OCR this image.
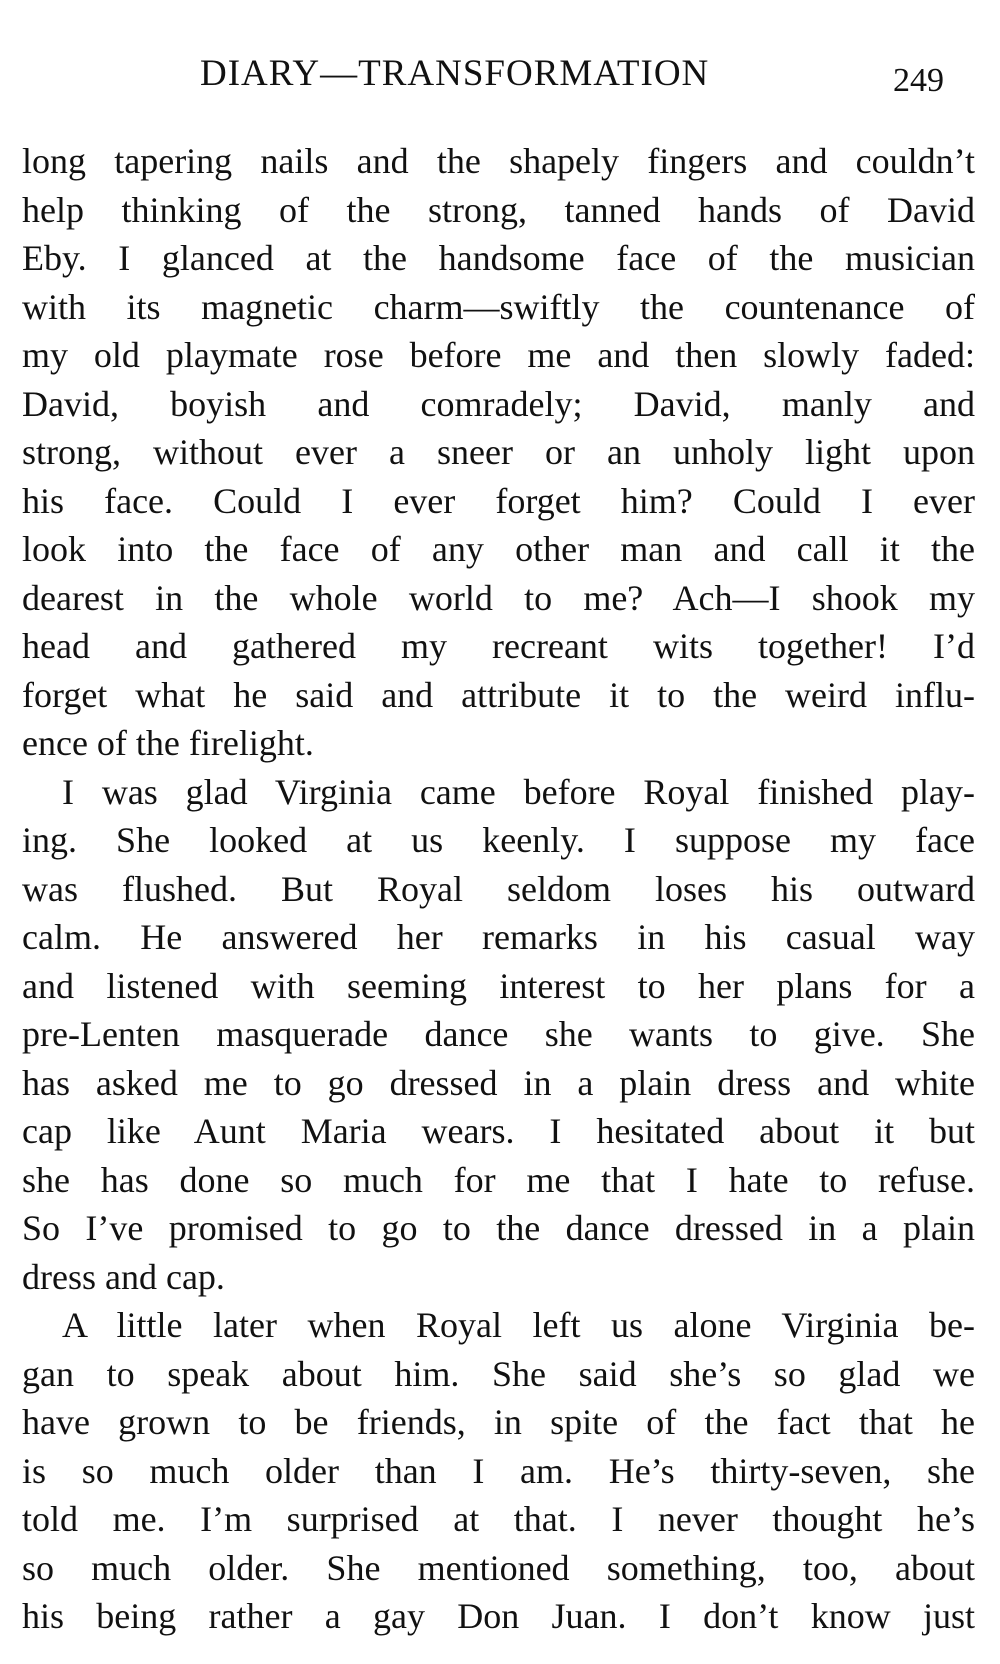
DIARY—TRANSFORMATION	249
long tapering nails and the shapely fingers and couldn’t
help thinking of the strong, tanned hands of David
Eby. I glanced at the handsome face of the musician
with its magnetic charm—swiftly the countenance of
my old playmate rose before me and then slowly faded:
David, boyish and comradely; David, manly and
strong, without ever a sneer or an unholy light upon
his face. Could I ever forget him? Could I ever
look into the face of any other man and call it the
dearest in the whole world to me? Ach—I shook my
head and gathered my recreant wits together! I’d
forget what he said and attribute it to the weird influ-
ence of the firelight.
I was glad Virginia came before Royal finished play-
ing. She looked at us keenly. I suppose my face
was flushed. But Royal seldom loses his outward
calm. He answered her remarks in his casual way
and listened with seeming interest to her plans for a
pre-Lenten masquerade dance she wants to give. She
has asked me to go dressed in a plain dress and white
cap like Aunt Maria wears. I hesitated about it but
she has done so much for me that I hate to refuse.
So I’ve promised to go to the dance dressed in a plain
dress and cap.
A little later when Royal left us alone Virginia be-
gan to speak about him. She said she’s so glad we
have grown to be friends, in spite of the fact that he
is so much older than I am. He’s thirty-seven, she
told me. I’m surprised at that. I never thought he’s
so much older. She mentioned something, too, about
his being rather a gay Don Juan. I don’t know just
